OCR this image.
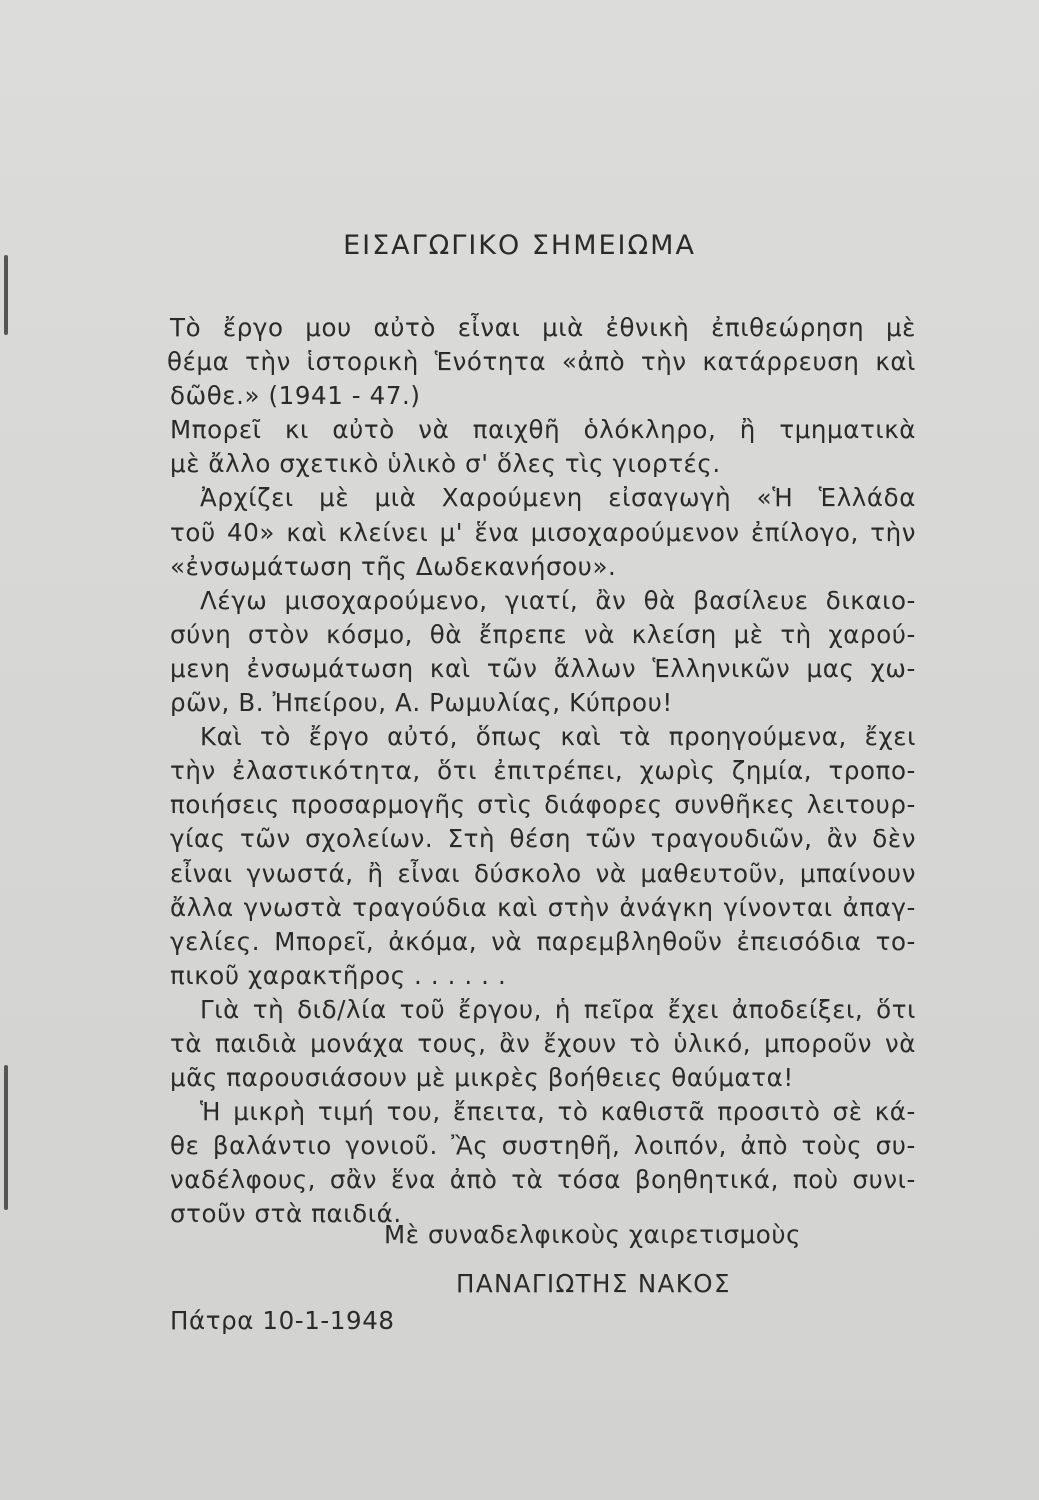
ΕΙΣΑΓΩΓΙΚΟ ΣΗΜΕΙΩΜΑ
Τὸ ἔργο μου αὐτὸ εἶναι μιὰ ἐθνικὴ ἐπιθεώρηση μὲ
θέμα τὴν ἱστορικὴ Ἑνότητα «ἀπὸ τὴν κατάρρευση καὶ
δῶθε.» (1941 - 47.)
Μπορεῖ κι αὐτὸ νὰ παιχθῆ ὁλόκληρο, ἢ τμηματικὰ
μὲ ἄλλο σχετικὸ ὑλικὸ σ' ὅλες τὶς γιορτές.
Ἀρχίζει μὲ μιὰ Χαρούμενη εἰσαγωγὴ «Ἡ Ἑλλάδα
τοῦ 40» καὶ κλείνει μ' ἕνα μισοχαρούμενον ἐπίλογο, τὴν
«ἐνσωμάτωση τῆς Δωδεκανήσου».
Λέγω μισοχαρούμενο, γιατί, ἂν θὰ βασίλευε δικαιο-
σύνη στὸν κόσμο, θὰ ἔπρεπε νὰ κλείση μὲ τὴ χαρού-
μενη ἐνσωμάτωση καὶ τῶν ἄλλων Ἑλληνικῶν μας χω-
ρῶν, Β. Ἠπείρου, Α. Ρωμυλίας, Κύπρου!
Καὶ τὸ ἔργο αὐτό, ὅπως καὶ τὰ προηγούμενα, ἔχει
τὴν ἐλαστικότητα, ὅτι ἐπιτρέπει, χωρὶς ζημία, τροπο-
ποιήσεις προσαρμογῆς στὶς διάφορες συνθῆκες λειτουρ-
γίας τῶν σχολείων. Στὴ θέση τῶν τραγουδιῶν, ἂν δὲν
εἶναι γνωστά, ἢ εἶναι δύσκολο νὰ μαθευτοῦν, μπαίνουν
ἄλλα γνωστὰ τραγούδια καὶ στὴν ἀνάγκη γίνονται ἀπαγ-
γελίες. Μπορεῖ, ἀκόμα, νὰ παρεμβληθοῦν ἐπεισόδια το-
πικοῦ χαρακτῆρος . . . . . .
Γιὰ τὴ διδ/λία τοῦ ἔργου, ἡ πεῖρα ἔχει ἀποδείξει, ὅτι
τὰ παιδιὰ μονάχα τους, ἂν ἔχουν τὸ ὑλικό, μποροῦν νὰ
μᾶς παρουσιάσουν μὲ μικρὲς βοήθειες θαύματα!
Ἡ μικρὴ τιμή του, ἔπειτα, τὸ καθιστᾶ προσιτὸ σὲ κά-
θε βαλάντιο γονιοῦ. Ἂς συστηθῆ, λοιπόν, ἀπὸ τοὺς συ-
ναδέλφους, σἂν ἕνα ἀπὸ τὰ τόσα βοηθητικά, ποὺ συνι-
στοῦν στὰ παιδιά.
Μὲ συναδελφικοὺς χαιρετισμοὺς
ΠΑΝΑΓΙΩΤΗΣ ΝΑΚΟΣ
Πάτρα 10-1-1948
